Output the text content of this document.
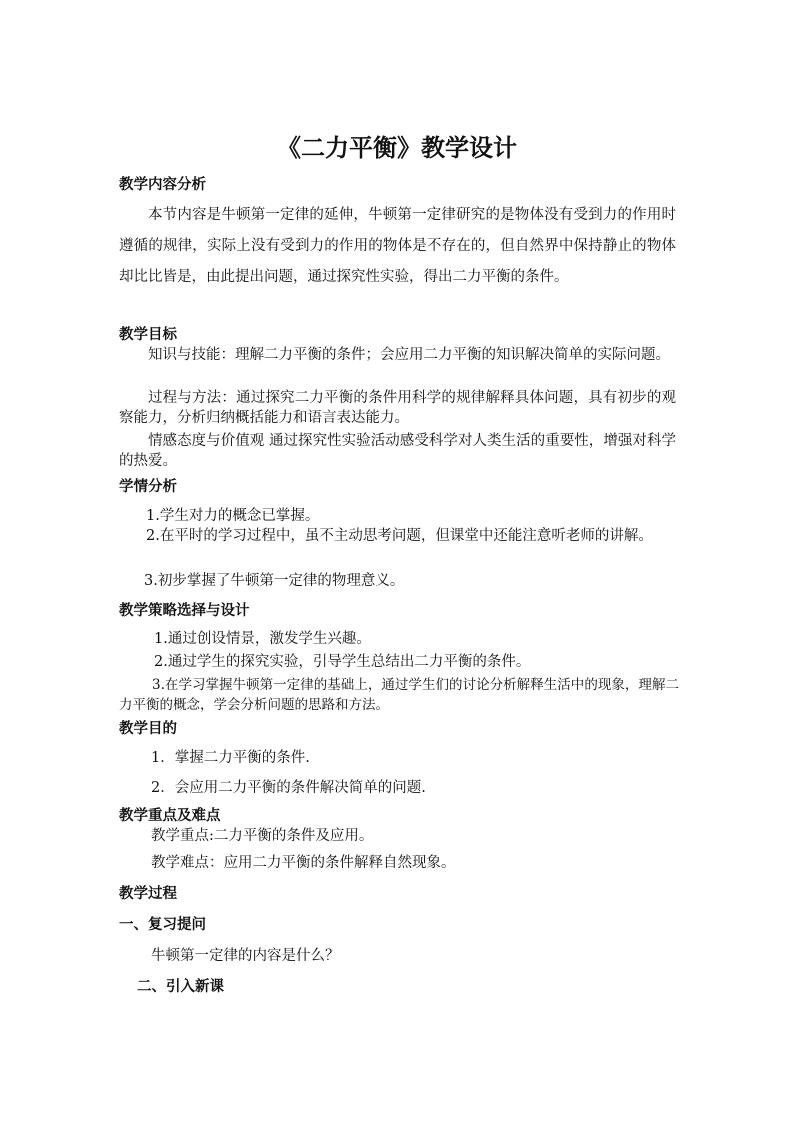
《二力平衡》教学设计
教学内容分析

本节内容是牛顿第一定律的延伸，牛顿第一定律研究的是物体没有受到力的作用时遵循的规律，实际上没有受到力的作用的物体是不存在的，但自然界中保持静止的物体却比比皆是，由此提出问题，通过探究性实验，得出二力平衡的条件。

教学目标

知识与技能：理解二力平衡的条件；会应用二力平衡的知识解决简单的实际问题。

过程与方法：通过探究二力平衡的条件用科学的规律解释具体问题，具有初步的观察能力，分析归纳概括能力和语言表达能力。

情感态度与价值观 通过探究性实验活动感受科学对人类生活的重要性，增强对科学的热爱。

学情分析
1.学生对力的概念已掌握。

2.在平时的学习过程中，虽不主动思考问题，但课堂中还能注意听老师的讲解。

3.初步掌握了牛顿第一定律的物理意义。
教学策略选择与设计
1.通过创设情景，激发学生兴趣。
2.通过学生的探究实验，引导学生总结出二力平衡的条件。

3.在学习掌握牛顿第一定律的基础上，通过学生们的讨论分析解释生活中的现象，理解二力平衡的概念，学会分析问题的思路和方法。

教学目的
1．掌握二力平衡的条件.
2．会应用二力平衡的条件解决简单的问题.
教学重点及难点
教学重点:二力平衡的条件及应用。
教学难点：应用二力平衡的条件解释自然现象。
教学过程
一、复习提问
牛顿第一定律的内容是什么？
二、引入新课
